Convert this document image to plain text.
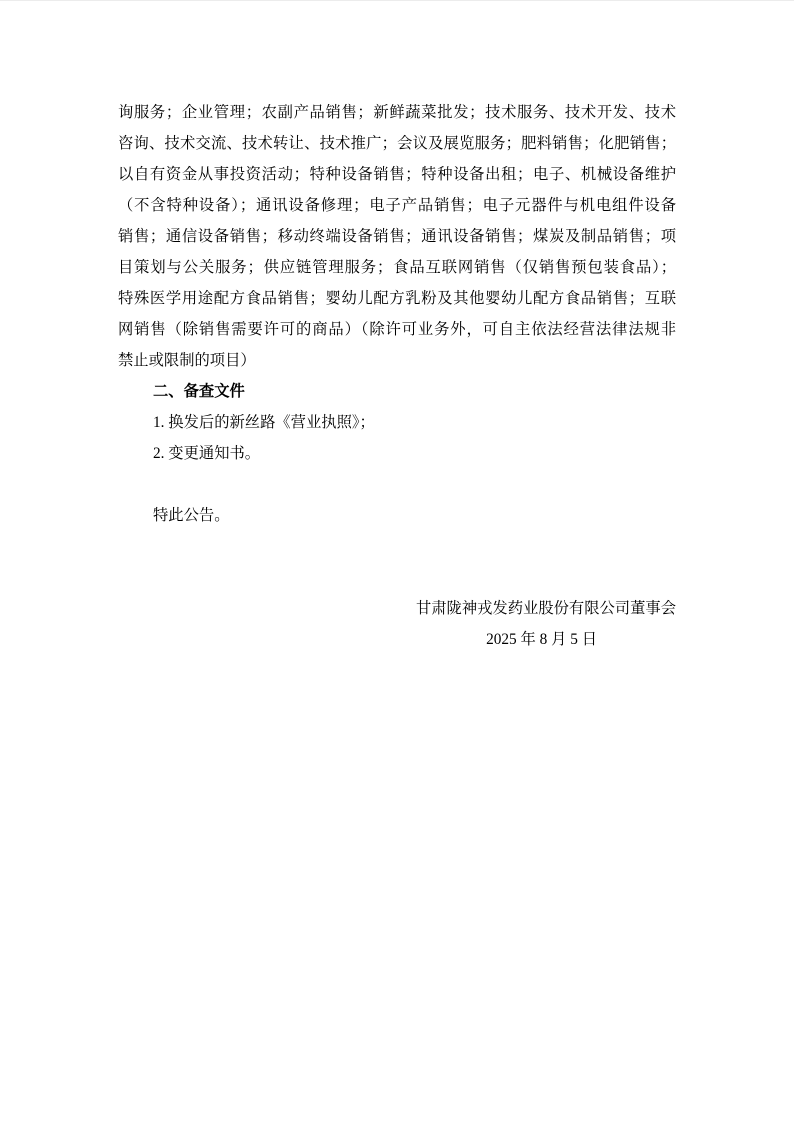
询服务；企业管理；农副产品销售；新鲜蔬菜批发；技术服务、技术开发、技术
咨询、技术交流、技术转让、技术推广；会议及展览服务；肥料销售；化肥销售；
以自有资金从事投资活动；特种设备销售；特种设备出租；电子、机械设备维护
（不含特种设备）；通讯设备修理；电子产品销售；电子元器件与机电组件设备
销售；通信设备销售；移动终端设备销售；通讯设备销售；煤炭及制品销售；项
目策划与公关服务；供应链管理服务；食品互联网销售（仅销售预包装食品）；
特殊医学用途配方食品销售；婴幼儿配方乳粉及其他婴幼儿配方食品销售；互联
网销售（除销售需要许可的商品）（除许可业务外，可自主依法经营法律法规非
禁止或限制的项目）
二、备查文件
1. 换发后的新丝路《营业执照》；
2. 变更通知书。
特此公告。
甘肃陇神戎发药业股份有限公司董事会
2025 年 8 月 5 日
